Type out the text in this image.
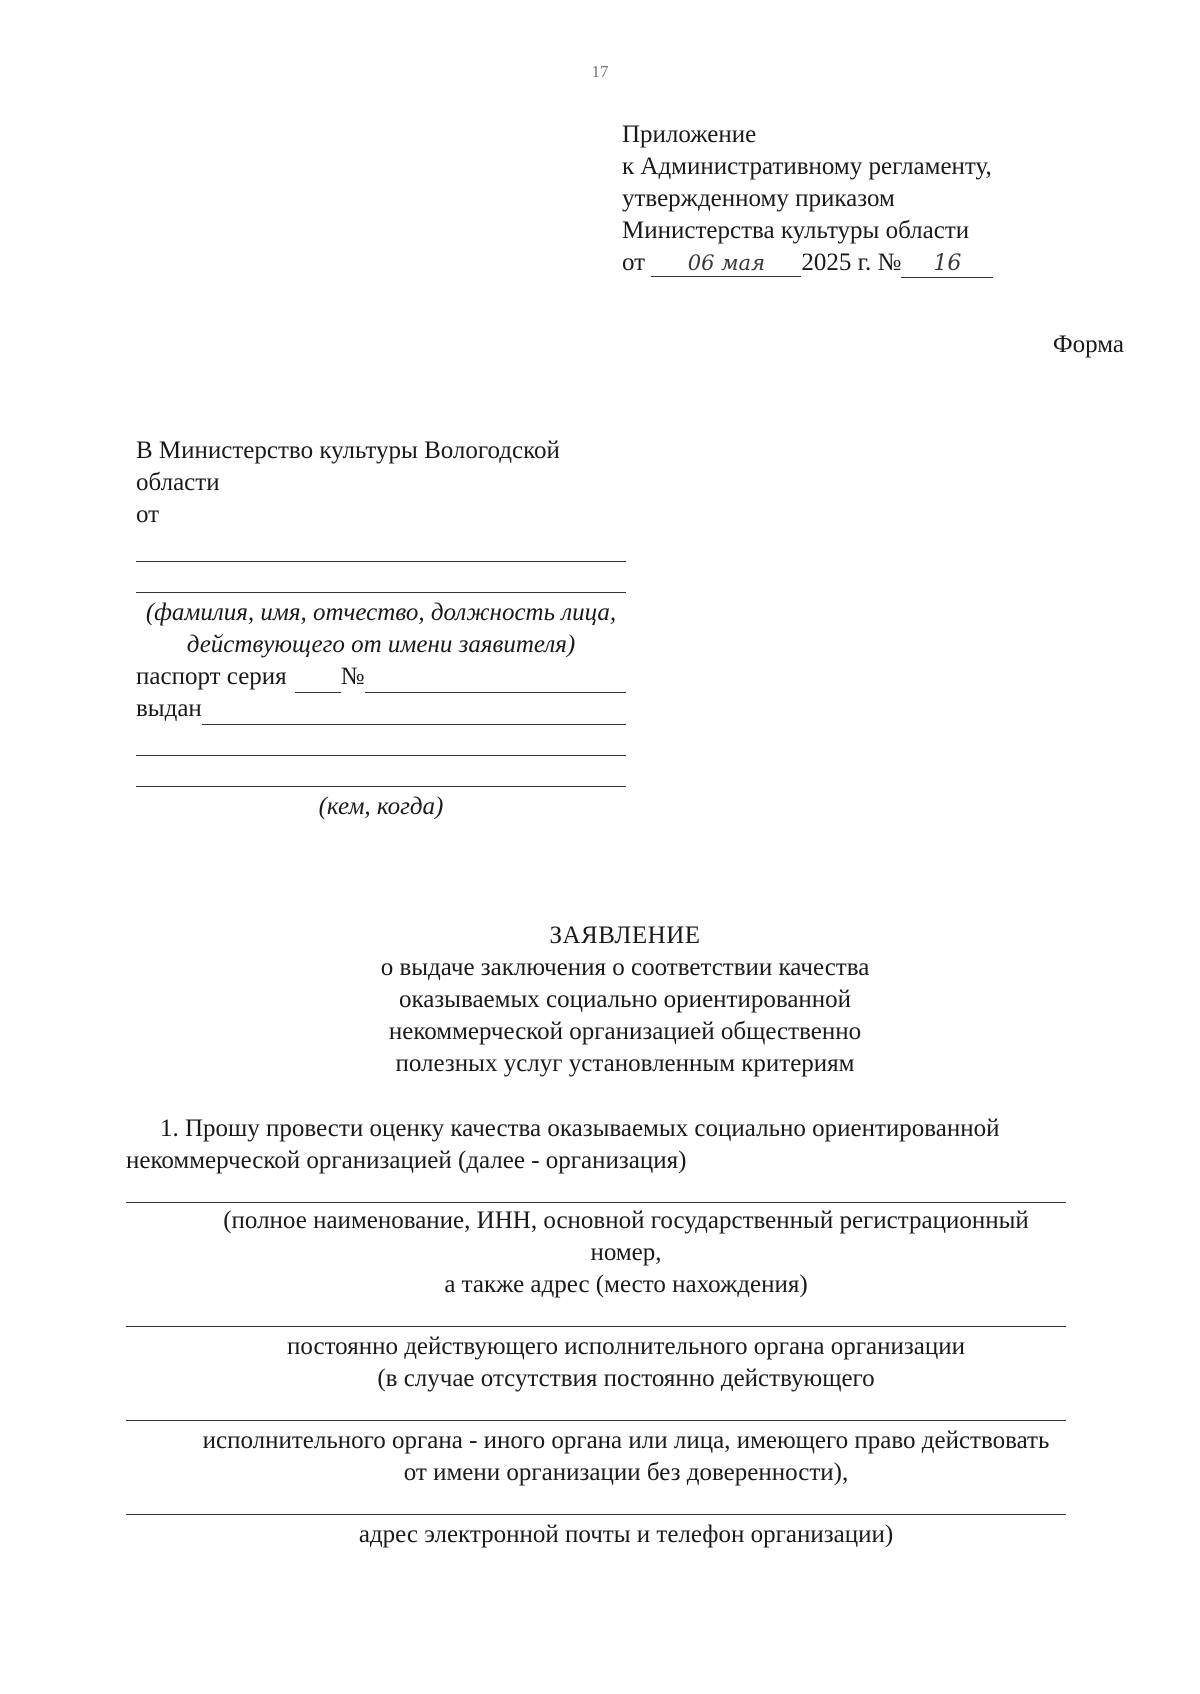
17
Приложение
к Административному регламенту,
утвержденному приказом
Министерства культуры области
от 06 мая 2025 г. № 16
Форма
В Министерство культуры Вологодской
области
от
(фамилия, имя, отчество, должность лица, действующего от имени заявителя)
паспорт серия №
выдан
(кем, когда)
ЗАЯВЛЕНИЕ
о выдаче заключения о соответствии качества
оказываемых социально ориентированной
некоммерческой организацией общественно
полезных услуг установленным критериям
1. Прошу провести оценку качества оказываемых социально ориентированной
некоммерческой организацией (далее - организация)
(полное наименование, ИНН, основной государственный регистрационный
номер,
а также адрес (место нахождения)
постоянно действующего исполнительного органа организации
(в случае отсутствия постоянно действующего
исполнительного органа - иного органа или лица, имеющего право действовать
от имени организации без доверенности),
адрес электронной почты и телефон организации)
